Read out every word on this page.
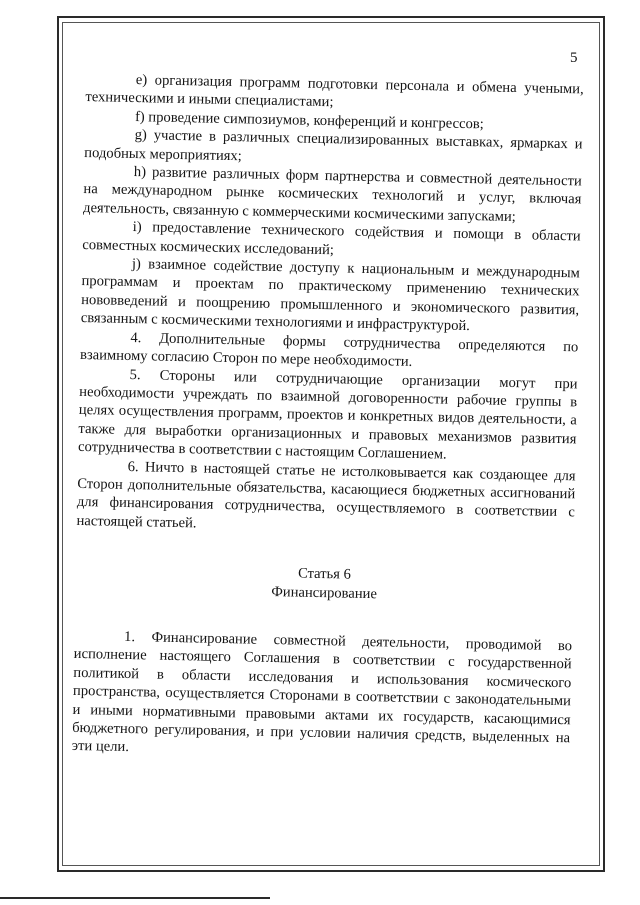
5

e) организация программ подготовки персонала и обмена учеными, техническими и иными специалистами;

f) проведение симпозиумов, конференций и конгрессов;

g) участие в различных специализированных выставках, ярмарках и подобных мероприятиях;

h) развитие различных форм партнерства и совместной деятельности на международном рынке космических технологий и услуг, включая деятельность, связанную с коммерческими космическими запусками;

i) предоставление технического содействия и помощи в области совместных космических исследований;

j) взаимное содействие доступу к национальным и международным программам и проектам по практическому применению технических нововведений и поощрению промышленного и экономического развития, связанным с космическими технологиями и инфраструктурой.

4. Дополнительные формы сотрудничества определяются по взаимному согласию Сторон по мере необходимости.

5. Стороны или сотрудничающие организации могут при необходимости учреждать по взаимной договоренности рабочие группы в целях осуществления программ, проектов и конкретных видов деятельности, а также для выработки организационных и правовых механизмов развития сотрудничества в соответствии с настоящим Соглашением.

6. Ничто в настоящей статье не истолковывается как создающее для Сторон дополнительные обязательства, касающиеся бюджетных ассигнований для финансирования сотрудничества, осуществляемого в соответствии с настоящей статьей.

Статья 6

Финансирование

1. Финансирование совместной деятельности, проводимой во исполнение настоящего Соглашения в соответствии с государственной политикой в области исследования и использования космического пространства, осуществляется Сторонами в соответствии с законодательными и иными нормативными правовыми актами их государств, касающимися бюджетного регулирования, и при условии наличия средств, выделенных на эти цели.
